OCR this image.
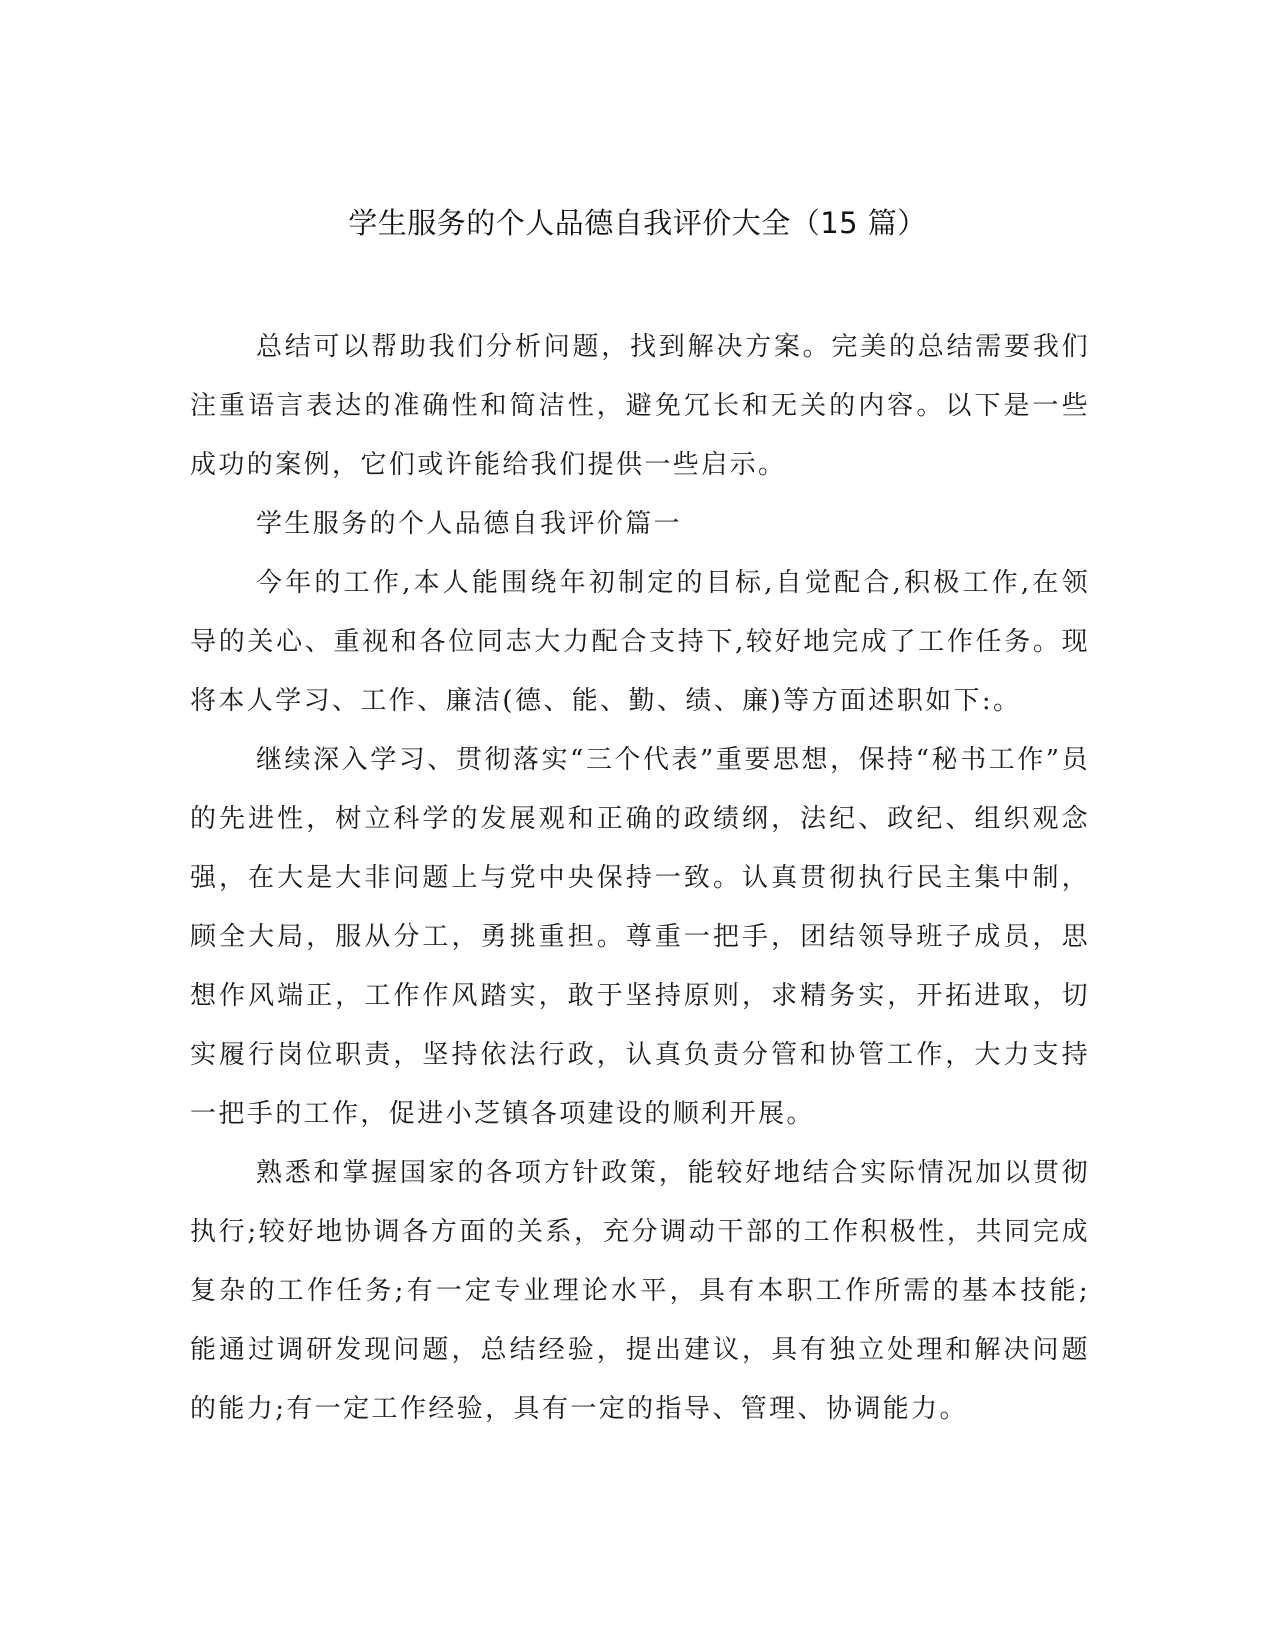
学生服务的个人品德自我评价大全（15 篇）

总结可以帮助我们分析问题，找到解决方案。完美的总结需要我们注重语言表达的准确性和简洁性，避免冗长和无关的内容。以下是一些成功的案例，它们或许能给我们提供一些启示。

学生服务的个人品德自我评价篇一

今年的工作,本人能围绕年初制定的目标,自觉配合,积极工作,在领导的关心、重视和各位同志大力配合支持下,较好地完成了工作任务。现将本人学习、工作、廉洁(德、能、勤、绩、廉)等方面述职如下:。

继续深入学习、贯彻落实“三个代表”重要思想，保持“秘书工作”员的先进性，树立科学的发展观和正确的政绩纲，法纪、政纪、组织观念强，在大是大非问题上与党中央保持一致。认真贯彻执行民主集中制，顾全大局，服从分工，勇挑重担。尊重一把手，团结领导班子成员，思想作风端正，工作作风踏实，敢于坚持原则，求精务实，开拓进取，切实履行岗位职责，坚持依法行政，认真负责分管和协管工作，大力支持一把手的工作，促进小芝镇各项建设的顺利开展。

熟悉和掌握国家的各项方针政策，能较好地结合实际情况加以贯彻执行;较好地协调各方面的关系，充分调动干部的工作积极性，共同完成复杂的工作任务;有一定专业理论水平，具有本职工作所需的基本技能;能通过调研发现问题，总结经验，提出建议，具有独立处理和解决问题的能力;有一定工作经验，具有一定的指导、管理、协调能力。
